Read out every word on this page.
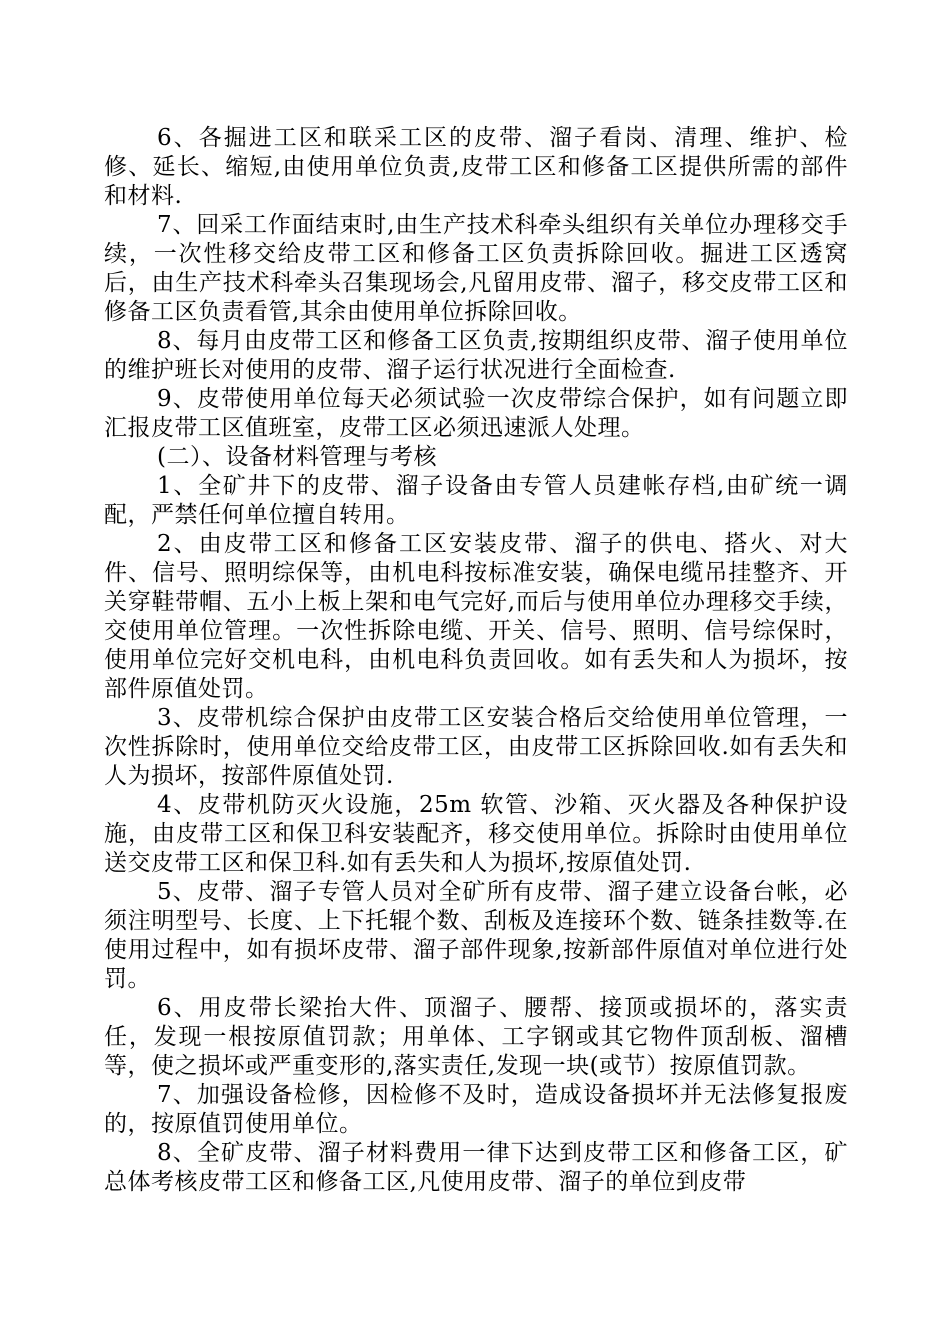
6、各掘进工区和联采工区的皮带、溜子看岗、清理、维护、检修、延长、缩短,由使用单位负责,皮带工区和修备工区提供所需的部件和材料.

7、回采工作面结束时,由生产技术科牵头组织有关单位办理移交手续，一次性移交给皮带工区和修备工区负责拆除回收。掘进工区透窝后，由生产技术科牵头召集现场会,凡留用皮带、溜子，移交皮带工区和修备工区负责看管,其余由使用单位拆除回收。

8、每月由皮带工区和修备工区负责,按期组织皮带、溜子使用单位的维护班长对使用的皮带、溜子运行状况进行全面检查.

9、皮带使用单位每天必须试验一次皮带综合保护，如有问题立即汇报皮带工区值班室，皮带工区必须迅速派人处理。

(二）、设备材料管理与考核

1、全矿井下的皮带、溜子设备由专管人员建帐存档,由矿统一调配，严禁任何单位擅自转用。

2、由皮带工区和修备工区安装皮带、溜子的供电、搭火、对大件、信号、照明综保等，由机电科按标准安装，确保电缆吊挂整齐、开关穿鞋带帽、五小上板上架和电气完好,而后与使用单位办理移交手续，交使用单位管理。一次性拆除电缆、开关、信号、照明、信号综保时，使用单位完好交机电科，由机电科负责回收。如有丢失和人为损坏，按部件原值处罚。

3、皮带机综合保护由皮带工区安装合格后交给使用单位管理，一次性拆除时，使用单位交给皮带工区，由皮带工区拆除回收.如有丢失和人为损坏，按部件原值处罚.

4、皮带机防灭火设施，25m 软管、沙箱、灭火器及各种保护设施，由皮带工区和保卫科安装配齐，移交使用单位。拆除时由使用单位送交皮带工区和保卫科.如有丢失和人为损坏,按原值处罚.

5、皮带、溜子专管人员对全矿所有皮带、溜子建立设备台帐，必须注明型号、长度、上下托辊个数、刮板及连接环个数、链条挂数等.在使用过程中，如有损坏皮带、溜子部件现象,按新部件原值对单位进行处罚。

6、用皮带长梁抬大件、顶溜子、腰帮、接顶或损坏的，落实责任，发现一根按原值罚款；用单体、工字钢或其它物件顶刮板、溜槽等，使之损坏或严重变形的,落实责任,发现一块(或节）按原值罚款。

7、加强设备检修，因检修不及时，造成设备损坏并无法修复报废的，按原值罚使用单位。

8、全矿皮带、溜子材料费用一律下达到皮带工区和修备工区，矿总体考核皮带工区和修备工区,凡使用皮带、溜子的单位到皮带
